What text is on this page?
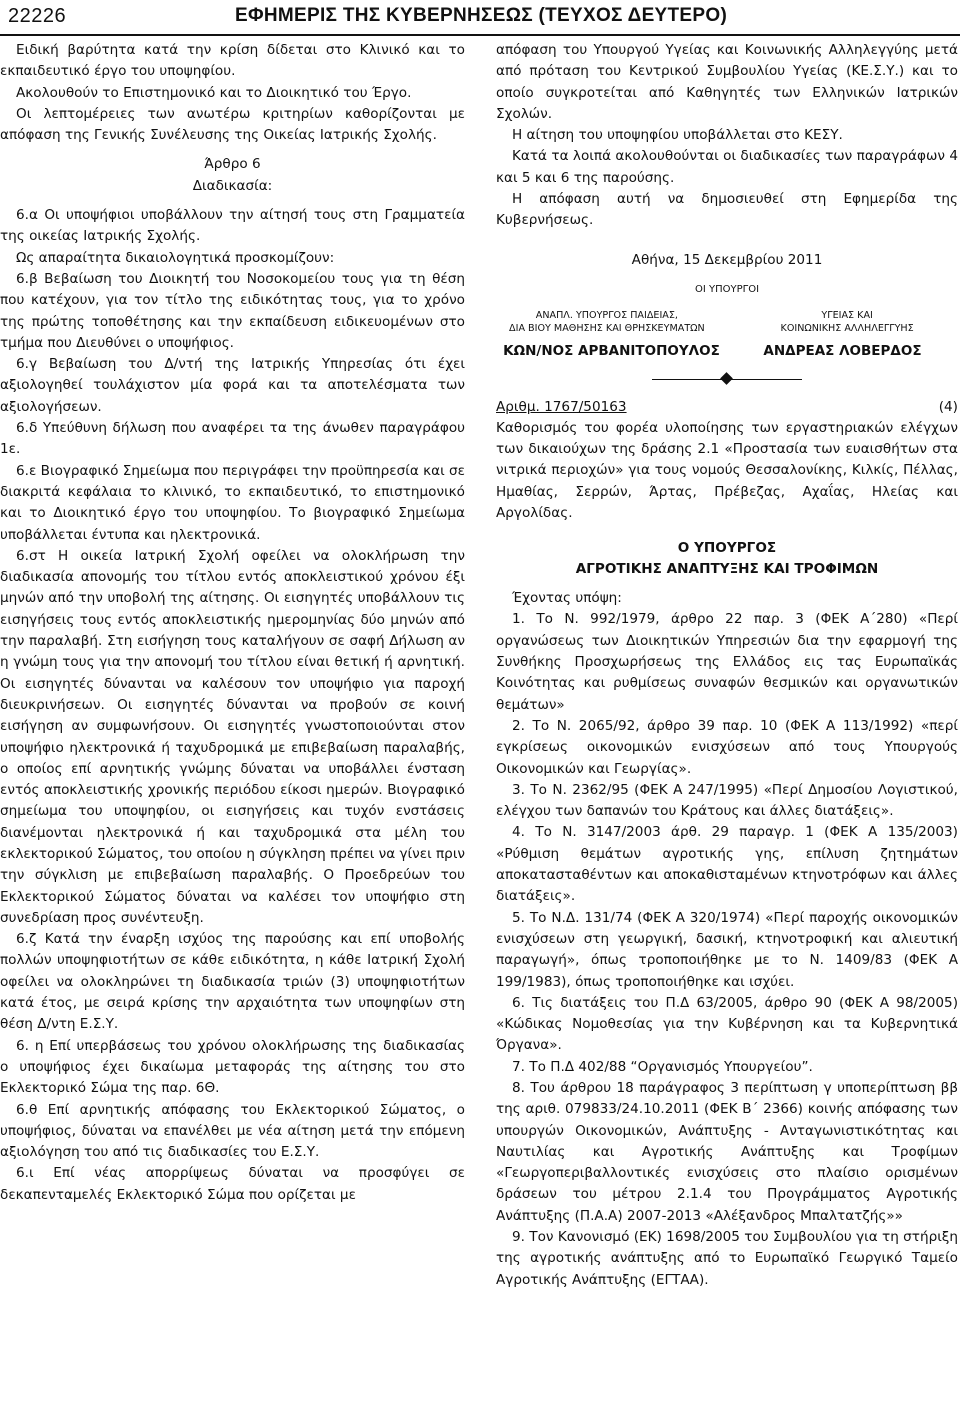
22226	ΕΦΗΜΕΡΙΣ ΤΗΣ ΚΥΒΕΡΝΗΣΕΩΣ (ΤΕΥΧΟΣ ΔΕΥΤΕΡΟ)

Ειδική βαρύτητα κατά την κρίση δίδεται στο Κλινικό και το εκπαιδευτικό έργο του υποψηφίου.

Ακολουθούν το Επιστημονικό και το Διοικητικό του Έργο.

Οι λεπτομέρειες των ανωτέρω κριτηρίων καθορίζονται με απόφαση της Γενικής Συνέλευσης της Οικείας Ιατρικής Σχολής.

Άρθρο 6

Διαδικασία:

6.α Οι υποψήφιοι υποβάλλουν την αίτησή τους στη Γραμματεία της οικείας Ιατρικής Σχολής.

Ως απαραίτητα δικαιολογητικά προσκομίζουν:

6.β Βεβαίωση του Διοικητή του Νοσοκομείου τους για τη θέση που κατέχουν, για τον τίτλο της ειδικότητας τους, για το χρόνο της πρώτης τοποθέτησης και την εκπαίδευση ειδικευομένων στο τμήμα που Διευθύνει ο υποψήφιος.

6.γ Βεβαίωση του Δ/ντή της Ιατρικής Υπηρεσίας ότι έχει αξιολογηθεί τουλάχιστον μία φορά και τα αποτελέσματα των αξιολογήσεων.

6.δ Υπεύθυνη δήλωση που αναφέρει τα της άνωθεν παραγράφου 1ε.

6.ε Βιογραφικό Σημείωμα που περιγράφει την προϋπηρεσία και σε διακριτά κεφάλαια το κλινικό, το εκπαιδευτικό, το επιστημονικό και το Διοικητικό έργο του υποψηφίου. Το βιογραφικό Σημείωμα υποβάλλεται έντυπα και ηλεκτρονικά.

6.στ Η οικεία Ιατρική Σχολή οφείλει να ολοκλήρωση την διαδικασία απονομής του τίτλου εντός αποκλειστικού χρόνου έξι μηνών από την υποβολή της αίτησης. Οι εισηγητές υποβάλλουν τις εισηγήσεις τους εντός αποκλειστικής ημερομηνίας δύο μηνών από την παραλαβή. Στη εισήγηση τους καταλήγουν σε σαφή Δήλωση αν η γνώμη τους για την απονομή του τίτλου είναι θετική ή αρνητική. Οι εισηγητές δύνανται να καλέσουν τον υποψήφιο για παροχή διευκρινήσεων. Οι εισηγητές δύνανται να προβούν σε κοινή εισήγηση αν συμφωνήσουν. Οι εισηγητές γνωστοποιούνται στον υποψήφιο ηλεκτρονικά ή ταχυδρομικά με επιβεβαίωση παραλαβής, ο οποίος επί αρνητικής γνώμης δύναται να υποβάλλει ένσταση εντός αποκλειστικής χρονικής περιόδου είκοσι ημερών. Βιογραφικό σημείωμα του υποψηφίου, οι εισηγήσεις και τυχόν ενστάσεις διανέμονται ηλεκτρονικά ή και ταχυδρομικά στα μέλη του εκλεκτορικού Σώματος, του οποίου η σύγκληση πρέπει να γίνει πριν την σύγκλιση με επιβεβαίωση παραλαβής. Ο Προεδρεύων του Εκλεκτορικού Σώματος δύναται να καλέσει τον υποψήφιο στη συνεδρίαση προς συνέντευξη.

6.ζ Κατά την έναρξη ισχύος της παρούσης και επί υποβολής πολλών υποψηφιοτήτων σε κάθε ειδικότητα, η κάθε Ιατρική Σχολή οφείλει να ολοκληρώνει τη διαδικασία τριών (3) υποψηφιοτήτων κατά έτος, με σειρά κρίσης την αρχαιότητα των υποψηφίων στη θέση Δ/ντη Ε.Σ.Υ.

6. η Επί υπερβάσεως του χρόνου ολοκλήρωσης της διαδικασίας ο υποψήφιος έχει δικαίωμα μεταφοράς της αίτησης του στο Εκλεκτορικό Σώμα της παρ. 6Θ.

6.θ Επί αρνητικής απόφασης του Εκλεκτορικού Σώματος, ο υποψήφιος, δύναται να επανέλθει με νέα αίτηση μετά την επόμενη αξιολόγηση του από τις διαδικασίες του Ε.Σ.Υ.

6.ι Επί νέας απορρίψεως δύναται να προσφύγει σε δεκαπενταμελές Εκλεκτορικό Σώμα που ορίζεται με

απόφαση του Υπουργού Υγείας και Κοινωνικής Αλληλεγγύης μετά από πρόταση του Κεντρικού Συμβουλίου Υγείας (ΚΕ.Σ.Υ.) και το οποίο συγκροτείται από Καθηγητές των Ελληνικών Ιατρικών Σχολών.

Η αίτηση του υποψηφίου υποβάλλεται στο ΚΕΣΥ.

Κατά τα λοιπά ακολουθούνται οι διαδικασίες των παραγράφων 4 και 5 και 6 της παρούσης.

Η απόφαση αυτή να δημοσιευθεί στη Εφημερίδα της Κυβερνήσεως.

Αθήνα, 15 Δεκεμβρίου 2011
ΟΙ ΥΠΟΥΡΓΟΙ
ΑΝΑΠΛ. ΥΠΟΥΡΓΟΣ ΠΑΙΔΕΙΑΣ,
ΔΙΑ ΒΙΟΥ ΜΑΘΗΣΗΣ ΚΑΙ ΘΡΗΣΚΕΥΜΑΤΩΝ
ΥΓΕΙΑΣ ΚΑΙ
ΚΟΙΝΩΝΙΚΗΣ ΑΛΛΗΛΕΓΓΥΗΣ
ΚΩΝ/ΝΟΣ ΑΡΒΑΝΙΤΟΠΟΥΛΟΣ	ΑΝΔΡΕΑΣ ΛΟΒΕΡΔΟΣ
Αριθμ. 1767/50163	(4)

Καθορισμός του φορέα υλοποίησης των εργαστηριακών ελέγχων των δικαιούχων της δράσης 2.1 «Προστασία των ευαισθήτων στα νιτρικά περιοχών» για τους νομούς Θεσσαλονίκης, Κιλκίς, Πέλλας, Ημαθίας, Σερρών, Άρτας, Πρέβεζας, Αχαΐας, Ηλείας και Αργολίδας.

Ο ΥΠΟΥΡΓΟΣ
ΑΓΡΟΤΙΚΗΣ ΑΝΑΠΤΥΞΗΣ ΚΑΙ ΤΡΟΦΙΜΩΝ

Έχοντας υπόψη:

1. Το Ν. 992/1979, άρθρο 22 παρ. 3 (ΦΕΚ Α΄280) «Περί οργανώσεως των Διοικητικών Υπηρεσιών δια την εφαρμογή της Συνθήκης Προσχωρήσεως της Ελλάδος εις τας Ευρωπαϊκάς Κοινότητας και ρυθμίσεως συναφών θεσμικών και οργανωτικών θεμάτων»

2. Το Ν. 2065/92, άρθρο 39 παρ. 10 (ΦΕΚ Α 113/1992) «περί εγκρίσεως οικονομικών ενισχύσεων από τους Υπουργούς Οικονομικών και Γεωργίας».

3. Το Ν. 2362/95 (ΦΕΚ Α 247/1995) «Περί Δημοσίου Λογιστικού, ελέγχου των δαπανών του Κράτους και άλλες διατάξεις».

4. Το Ν. 3147/2003 άρθ. 29 παραγρ. 1 (ΦΕΚ Α 135/2003) «Ρύθμιση θεμάτων αγροτικής γης, επίλυση ζητημάτων αποκατασταθέντων και αποκαθισταμένων κτηνοτρόφων και άλλες διατάξεις».

5. Το Ν.Δ. 131/74 (ΦΕΚ Α 320/1974) «Περί παροχής οικονομικών ενισχύσεων στη γεωργική, δασική, κτηνοτροφική και αλιευτική παραγωγή», όπως τροποποιήθηκε με το Ν. 1409/83 (ΦΕΚ Α 199/1983), όπως τροποποιήθηκε και ισχύει.

6. Τις διατάξεις του Π.Δ 63/2005, άρθρο 90 (ΦΕΚ Α 98/2005) «Κώδικας Νομοθεσίας για την Κυβέρνηση και τα Κυβερνητικά Όργανα».

7. Το Π.Δ 402/88 “Οργανισμός Υπουργείου”.

8. Του άρθρου 18 παράγραφος 3 περίπτωση γ υποπερίπτωση ββ της αριθ. 079833/24.10.2011 (ΦΕΚ Β΄ 2366) κοινής απόφασης των υπουργών Οικονομικών, Ανάπτυξης - Ανταγωνιστικότητας και Ναυτιλίας και Αγροτικής Ανάπτυξης και Τροφίμων «Γεωργοπεριβαλλοντικές ενισχύσεις στο πλαίσιο ορισμένων δράσεων του μέτρου 2.1.4 του Προγράμματος Αγροτικής Ανάπτυξης (Π.Α.Α) 2007-2013 «Αλέξανδρος Μπαλτατζής»»

9. Τον Κανονισμό (ΕΚ) 1698/2005 του Συμβουλίου για τη στήριξη της αγροτικής ανάπτυξης από το Ευρωπαϊκό Γεωργικό Ταμείο Αγροτικής Ανάπτυξης (ΕΓΤΑΑ).
